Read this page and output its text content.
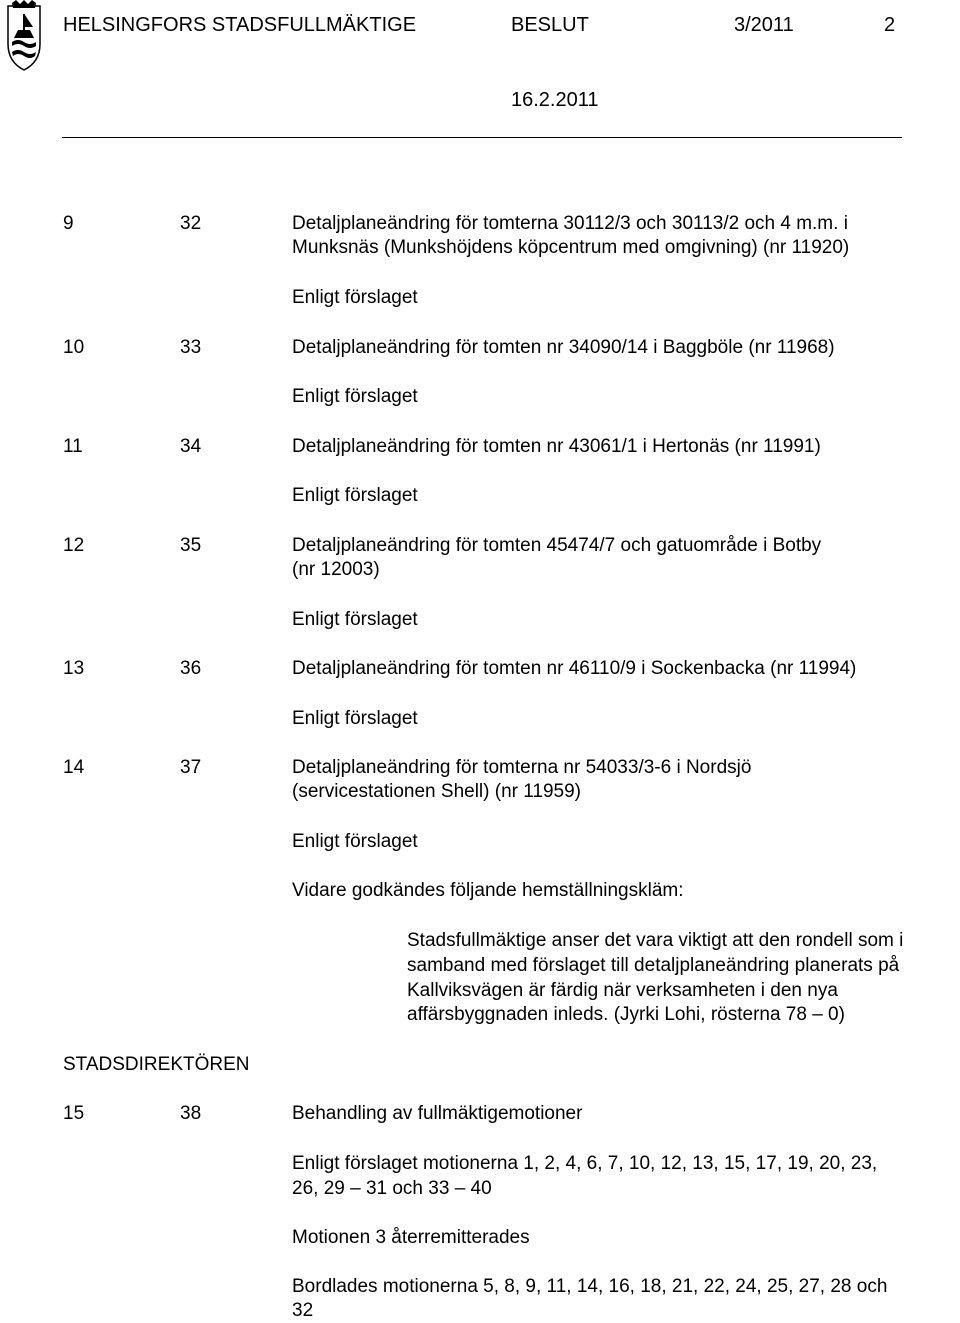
HELSINGFORS STADSFULLMÄKTIGE	BESLUT	3/2011	2
16.2.2011
9	32	Detaljplaneändring för tomterna 30112/3 och 30113/2 och 4 m.m. i
Munksnäs (Munkshöjdens köpcentrum med omgivning) (nr 11920)
Enligt förslaget
10	33	Detaljplaneändring för tomten nr 34090/14 i Baggböle (nr 11968)
Enligt förslaget
11	34	Detaljplaneändring för tomten nr 43061/1 i Hertonäs (nr 11991)
Enligt förslaget
12	35	Detaljplaneändring för tomten 45474/7 och gatuområde i Botby
(nr 12003)
Enligt förslaget
13	36	Detaljplaneändring för tomten nr 46110/9 i Sockenbacka (nr 11994)
Enligt förslaget
14	37	Detaljplaneändring för tomterna nr 54033/3-6 i Nordsjö
(servicestationen Shell) (nr 11959)
Enligt förslaget
Vidare godkändes följande hemställningskläm:
Stadsfullmäktige anser det vara viktigt att den rondell som i
samband med förslaget till detaljplaneändring planerats på
Kallviksvägen är färdig när verksamheten i den nya
affärsbyggnaden inleds. (Jyrki Lohi, rösterna 78 – 0)
STADSDIREKTÖREN
15	38	Behandling av fullmäktigemotioner
Enligt förslaget motionerna 1, 2, 4, 6, 7, 10, 12, 13, 15, 17, 19, 20, 23,
26, 29 – 31 och 33 – 40
Motionen 3 återremitterades
Bordlades motionerna 5, 8, 9, 11, 14, 16, 18, 21, 22, 24, 25, 27, 28 och
32
